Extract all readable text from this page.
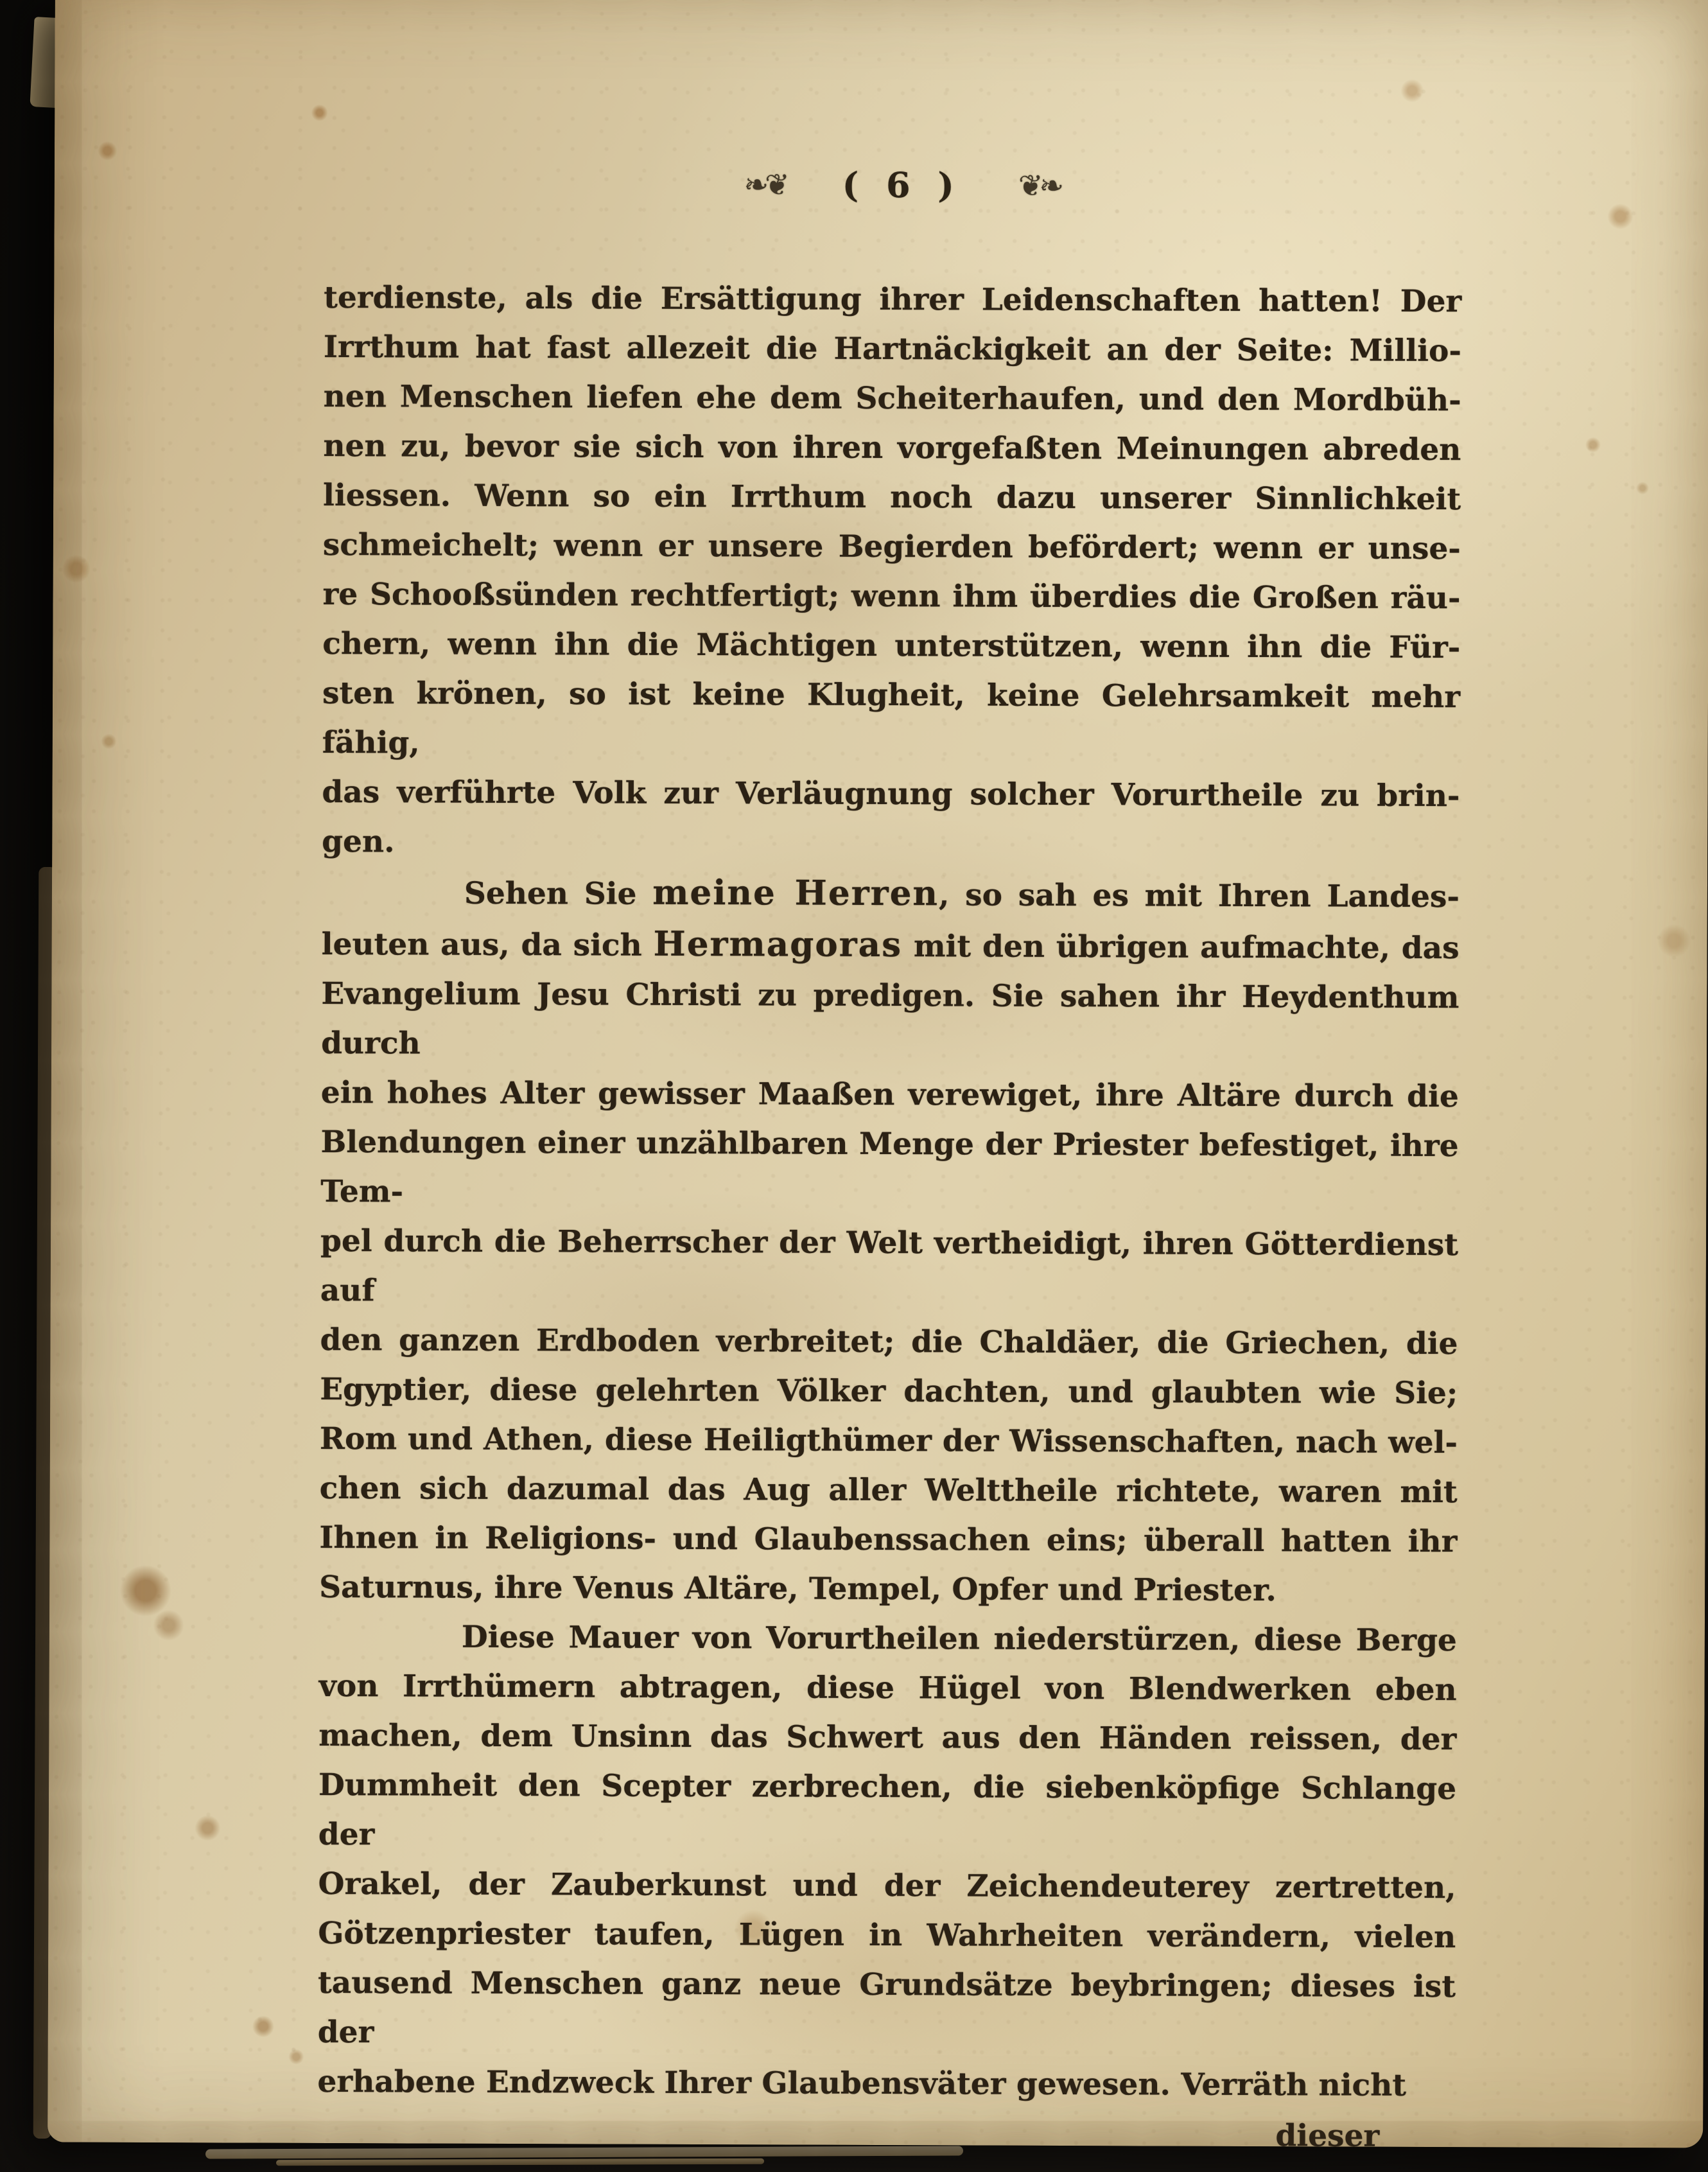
❧❦ ( 6 ) ❦❧
terdienste, als die Ersättigung ihrer Leidenschaften hatten! Der
Irrthum hat fast allezeit die Hartnäckigkeit an der Seite: Millio-
nen Menschen liefen ehe dem Scheiterhaufen, und den Mordbüh-
nen zu, bevor sie sich von ihren vorgefaßten Meinungen abreden
liessen. Wenn so ein Irrthum noch dazu unserer Sinnlichkeit
schmeichelt; wenn er unsere Begierden befördert; wenn er unse-
re Schooßsünden rechtfertigt; wenn ihm überdies die Großen räu-
chern, wenn ihn die Mächtigen unterstützen, wenn ihn die Für-
sten krönen, so ist keine Klugheit, keine Gelehrsamkeit mehr fähig,
das verführte Volk zur Verläugnung solcher Vorurtheile zu brin-
gen.
Sehen Sie meine Herren, so sah es mit Ihren Landes-
leuten aus, da sich Hermagoras mit den übrigen aufmachte, das
Evangelium Jesu Christi zu predigen. Sie sahen ihr Heydenthum durch
ein hohes Alter gewisser Maaßen verewiget, ihre Altäre durch die
Blendungen einer unzählbaren Menge der Priester befestiget, ihre Tem-
pel durch die Beherrscher der Welt vertheidigt, ihren Götterdienst auf
den ganzen Erdboden verbreitet; die Chaldäer, die Griechen, die
Egyptier, diese gelehrten Völker dachten, und glaubten wie Sie;
Rom und Athen, diese Heiligthümer der Wissenschaften, nach wel-
chen sich dazumal das Aug aller Welttheile richtete, waren mit
Ihnen in Religions- und Glaubenssachen eins; überall hatten ihr
Saturnus, ihre Venus Altäre, Tempel, Opfer und Priester.
Diese Mauer von Vorurtheilen niederstürzen, diese Berge
von Irrthümern abtragen, diese Hügel von Blendwerken eben
machen, dem Unsinn das Schwert aus den Händen reissen, der
Dummheit den Scepter zerbrechen, die siebenköpfige Schlange der
Orakel, der Zauberkunst und der Zeichendeuterey zertretten,
Götzenpriester taufen, Lügen in Wahrheiten verändern, vielen
tausend Menschen ganz neue Grundsätze beybringen; dieses ist der
erhabene Endzweck Ihrer Glaubensväter gewesen. Verräth nicht
dieser
